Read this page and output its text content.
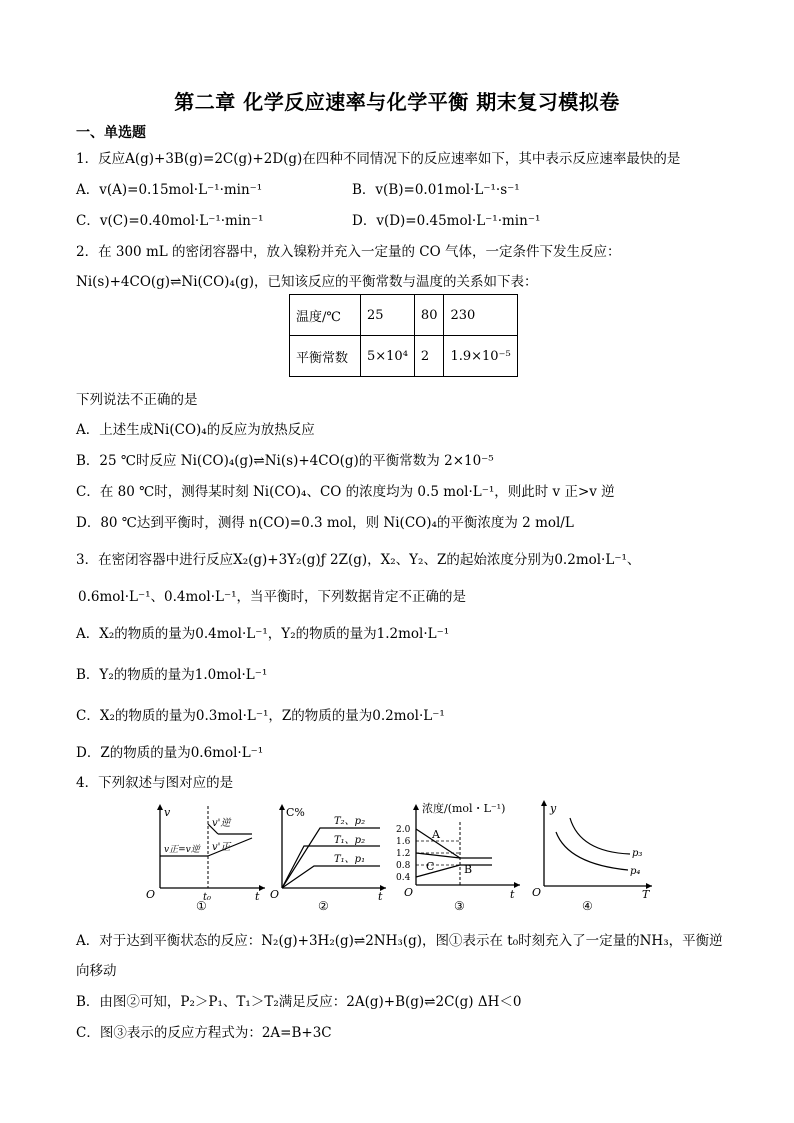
第二章 化学反应速率与化学平衡 期末复习模拟卷
一、单选题
1．反应A(g)+3B(g)=2C(g)+2D(g)在四种不同情况下的反应速率如下，其中表示反应速率最快的是
A．v(A)=0.15mol·L⁻¹·min⁻¹	B．v(B)=0.01mol·L⁻¹·s⁻¹
C．v(C)=0.40mol·L⁻¹·min⁻¹	D．v(D)=0.45mol·L⁻¹·min⁻¹
2．在 300 mL 的密闭容器中，放入镍粉并充入一定量的 CO 气体，一定条件下发生反应：
Ni(s)+4CO(g)⇌Ni(CO)₄(g)，已知该反应的平衡常数与温度的关系如下表：
温度/℃	25	80	230
平衡常数	5×10⁴	2	1.9×10⁻⁵
下列说法不正确的是
A．上述生成Ni(CO)₄的反应为放热反应
B．25 ℃时反应 Ni(CO)₄(g)⇌Ni(s)+4CO(g)的平衡常数为 2×10⁻⁵
C．在 80 ℃时，测得某时刻 Ni(CO)₄、CO 的浓度均为 0.5 mol·L⁻¹，则此时 v 正>v 逆
D．80 ℃达到平衡时，测得 n(CO)=0.3 mol，则 Ni(CO)₄的平衡浓度为 2 mol/L
3．在密闭容器中进行反应X₂(g)+3Y₂(g)ƒ 2Z(g)，X₂、Y₂、Z的起始浓度分别为0.2mol·L⁻¹、
0.6mol·L⁻¹、0.4mol·L⁻¹，当平衡时，下列数据肯定不正确的是
A．X₂的物质的量为0.4mol·L⁻¹，Y₂的物质的量为1.2mol·L⁻¹
B．Y₂的物质的量为1.0mol·L⁻¹
C．X₂的物质的量为0.3mol·L⁻¹，Z的物质的量为0.2mol·L⁻¹
D．Z的物质的量为0.6mol·L⁻¹
4．下列叙述与图对应的是
v
v正=v逆
v'逆
v'正
O	t₀	t
①
C%
T₂、p₂
T₁、p₂
T₁、p₁
O	t
②
浓度/(mol・L⁻¹)
2.0
1.6
1.2
0.8
0.4
A
B
C
O	t
③
y
p₃
p₄
O	T
④
A．对于达到平衡状态的反应：N₂(g)+3H₂(g)⇌2NH₃(g)，图①表示在 t₀时刻充入了一定量的NH₃，平衡逆
向移动
B．由图②可知，P₂＞P₁、T₁＞T₂满足反应：2A(g)+B(g)⇌2C(g) ΔH＜0
C．图③表示的反应方程式为：2A=B+3C
